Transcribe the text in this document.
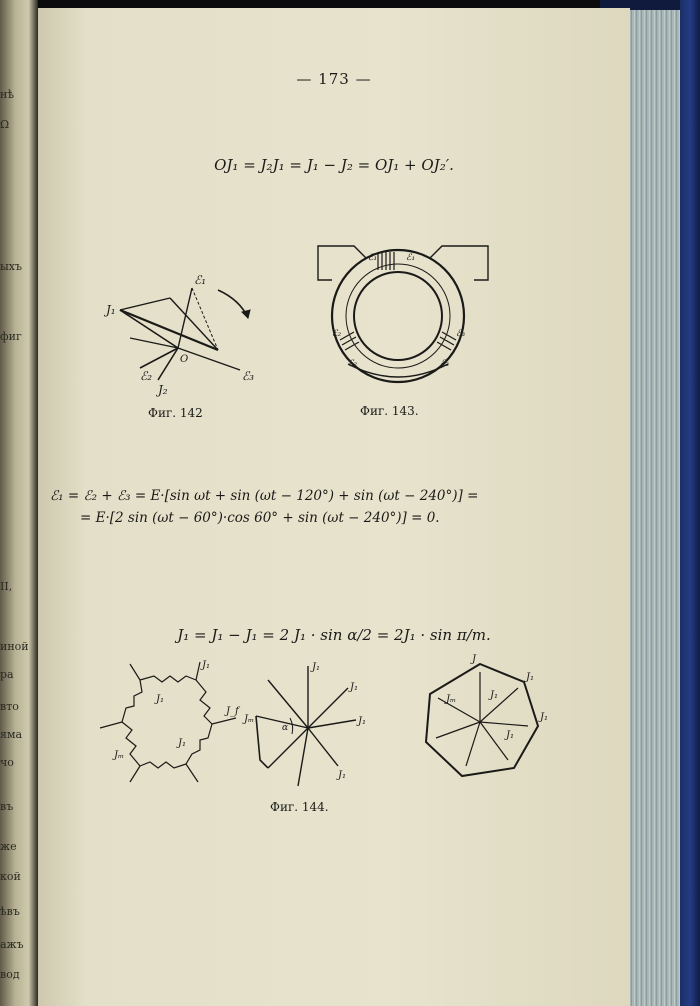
нѣ
Ω
ыхъ
фиг
ІІ,
иной
ра
вто
яма
чо
въ
же
кой
ѣвъ
ажъ
вод
— 173 —
OJ₁ = J₂J₁ = J₁ − J₂ = OJ₁ + OJ₂′.
J₁
ℰ₁
ℰ₂	ℰ₃
J₂
O
Фиг. 142
ℰ₁	ℰ₁
ℰ₂	ℰ₃
ℰ₂	ℰ₃
Фиг. 143.
ℰ₁ = ℰ₂ + ℰ₃ = E·[sin ωt + sin (ωt − 120°) + sin (ωt − 240°)] =
= E·[2 sin (ωt − 60°)·cos 60° + sin (ωt − 240°)] = 0.
J₁ = J₁ − J₁ = 2 J₁ · sin α/2 = 2J₁ · sin π/m.
J₁
J₁
Jₘ
J₁
J_f
α
J₁
J₁
J₁
J₁
Jₘ
J
J₁
J₁
Jₘ	J₁
J₁
Фиг. 144.
